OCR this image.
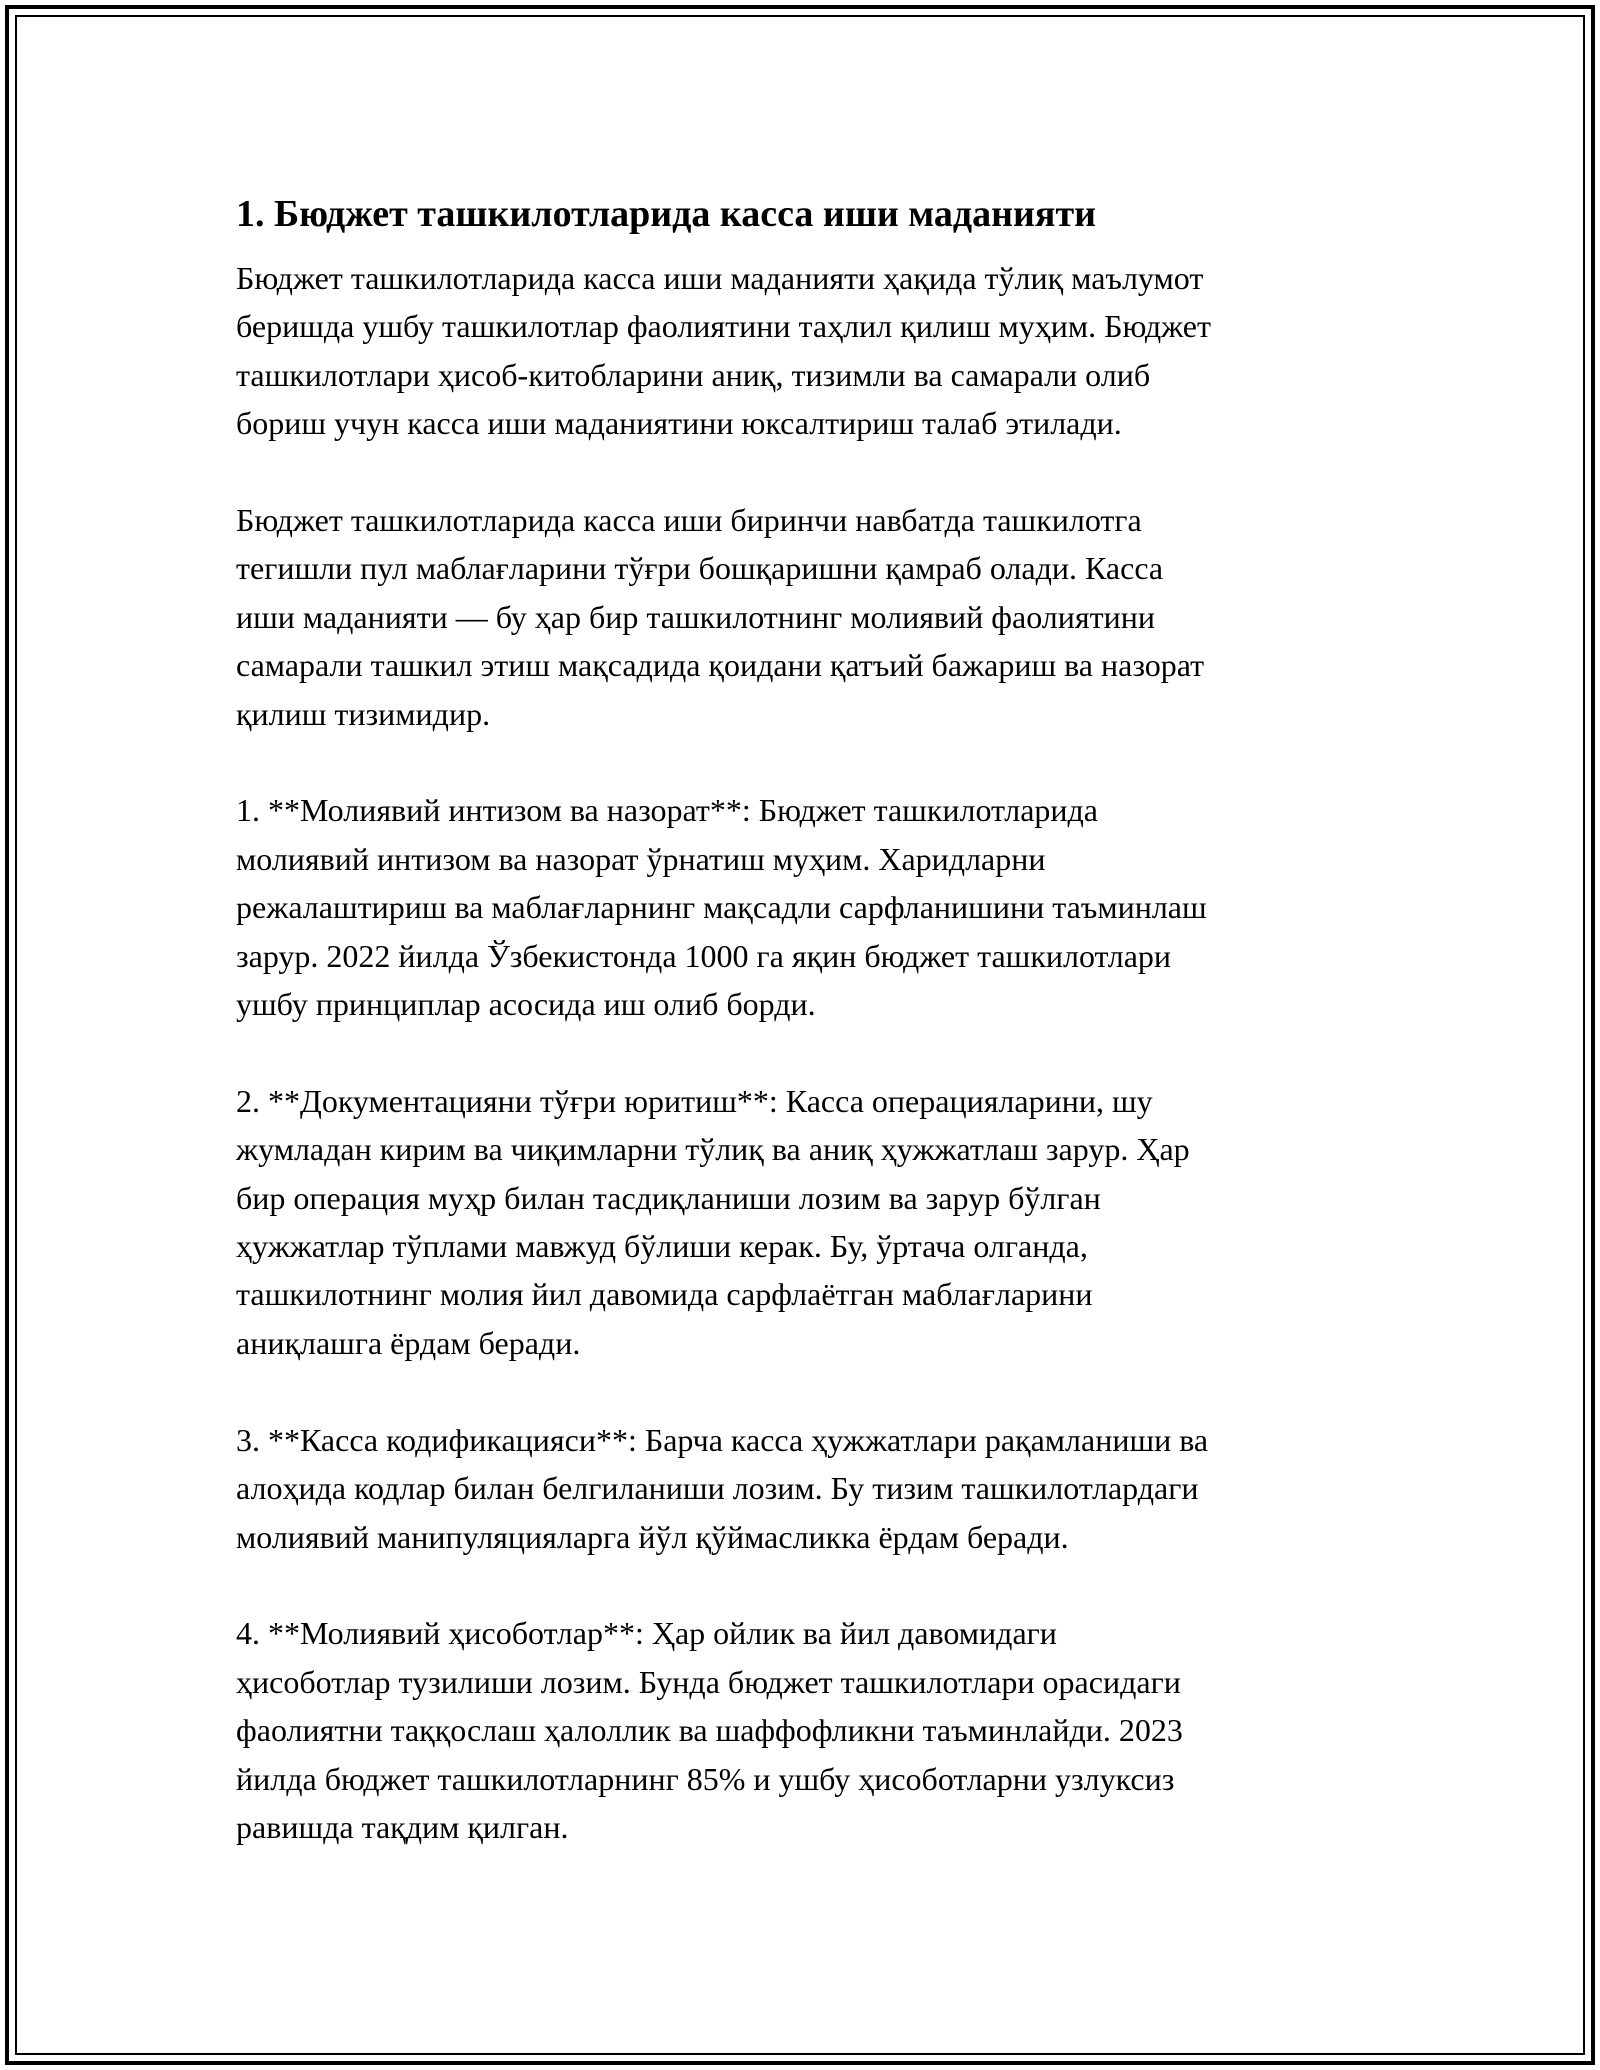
1. Бюджет ташкилотларида касса иши маданияти

Бюджет ташкилотларида касса иши маданияти ҳақида тўлиқ маълумот
беришда ушбу ташкилотлар фаолиятини таҳлил қилиш муҳим. Бюджет
ташкилотлари ҳисоб-китобларини аниқ, тизимли ва самарали олиб
бориш учун касса иши маданиятини юксалтириш талаб этилади.

Бюджет ташкилотларида касса иши биринчи навбатда ташкилотга
тегишли пул маблағларини тўғри бошқаришни қамраб олади. Касса
иши маданияти — бу ҳар бир ташкилотнинг молиявий фаолиятини
самарали ташкил этиш мақсадида қоидани қатъий бажариш ва назорат
қилиш тизимидир.

1. **Молиявий интизом ва назорат**: Бюджет ташкилотларида
молиявий интизом ва назорат ўрнатиш муҳим. Харидларни
режалаштириш ва маблағларнинг мақсадли сарфланишини таъминлаш
зарур. 2022 йилда Ўзбекистонда 1000 га яқин бюджет ташкилотлари
ушбу принциплар асосида иш олиб борди.

2. **Документацияни тўғри юритиш**: Касса операцияларини, шу
жумладан кирим ва чиқимларни тўлиқ ва аниқ ҳужжатлаш зарур. Ҳар
бир операция муҳр билан тасдиқланиши лозим ва зарур бўлган
ҳужжатлар тўплами мавжуд бўлиши керак. Бу, ўртача олганда,
ташкилотнинг молия йил давомида сарфлаётган маблағларини
аниқлашга ёрдам беради.

3. **Касса кодификацияси**: Барча касса ҳужжатлари рақамланиши ва
алоҳида кодлар билан белгиланиши лозим. Бу тизим ташкилотлардаги
молиявий манипуляцияларга йўл қўймасликка ёрдам беради.

4. **Молиявий ҳисоботлар**: Ҳар ойлик ва йил давомидаги
ҳисоботлар тузилиши лозим. Бунда бюджет ташкилотлари орасидаги
фаолиятни таққослаш ҳалоллик ва шаффофликни таъминлайди. 2023
йилда бюджет ташкилотларнинг 85% и ушбу ҳисоботларни узлуксиз
равишда тақдим қилган.
